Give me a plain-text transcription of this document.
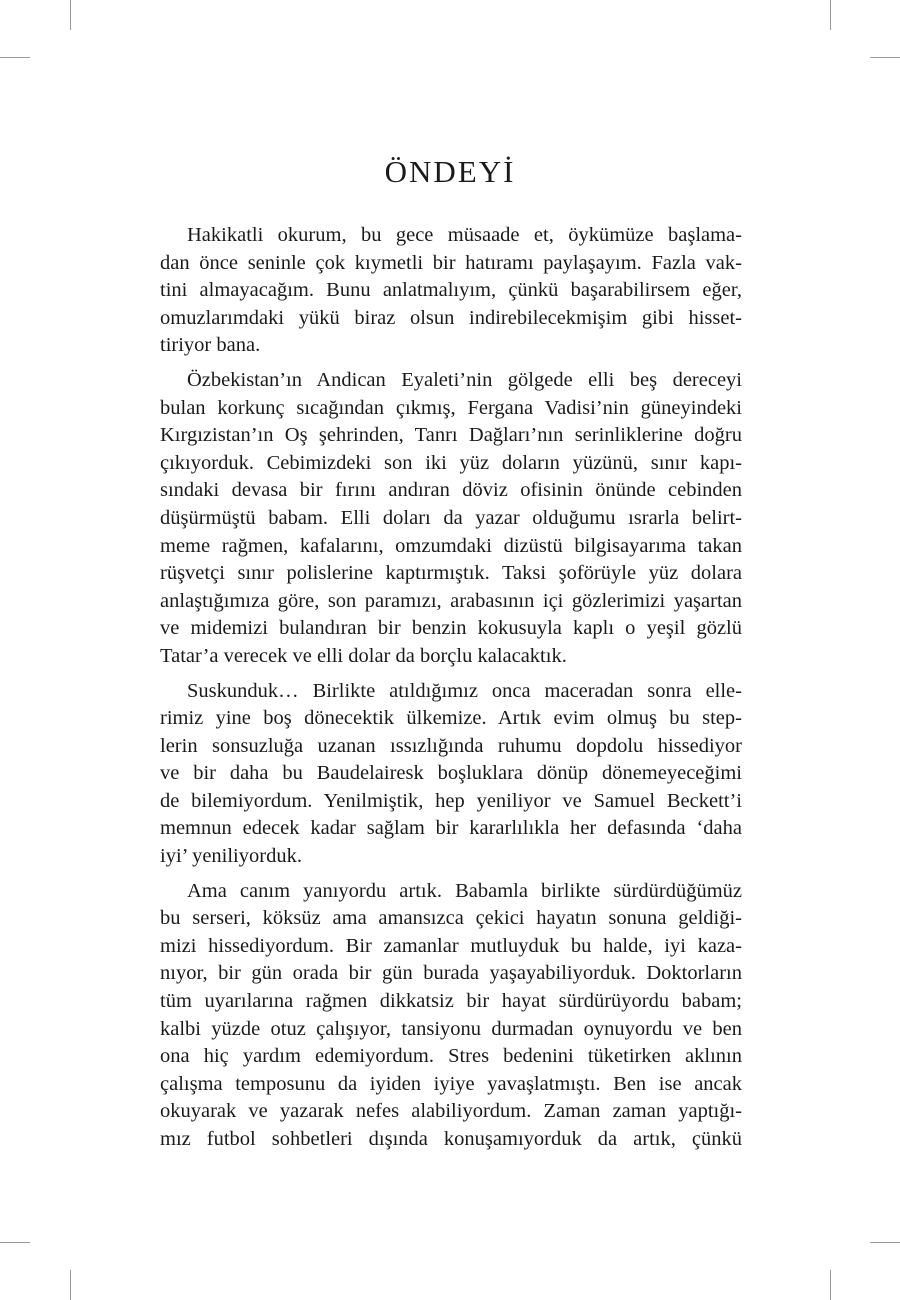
ÖNDEYİ
Hakikatli okurum, bu gece müsaade et, öykümüze başlama-
dan önce seninle çok kıymetli bir hatıramı paylaşayım. Fazla vak-
tini almayacağım. Bunu anlatmalıyım, çünkü başarabilirsem eğer,
omuzlarımdaki yükü biraz olsun indirebilecekmişim gibi hisset-
tiriyor bana.
Özbekistan’ın Andican Eyaleti’nin gölgede elli beş dereceyi
bulan korkunç sıcağından çıkmış, Fergana Vadisi’nin güneyindeki
Kırgızistan’ın Oş şehrinden, Tanrı Dağları’nın serinliklerine doğru
çıkıyorduk. Cebimizdeki son iki yüz doların yüzünü, sınır kapı-
sındaki devasa bir fırını andıran döviz ofisinin önünde cebinden
düşürmüştü babam. Elli doları da yazar olduğumu ısrarla belirt-
meme rağmen, kafalarını, omzumdaki dizüstü bilgisayarıma takan
rüşvetçi sınır polislerine kaptırmıştık. Taksi şoförüyle yüz dolara
anlaştığımıza göre, son paramızı, arabasının içi gözlerimizi yaşartan
ve midemizi bulandıran bir benzin kokusuyla kaplı o yeşil gözlü
Tatar’a verecek ve elli dolar da borçlu kalacaktık.
Suskunduk… Birlikte atıldığımız onca maceradan sonra elle-
rimiz yine boş dönecektik ülkemize. Artık evim olmuş bu step-
lerin sonsuzluğa uzanan ıssızlığında ruhumu dopdolu hissediyor
ve bir daha bu Baudelairesk boşluklara dönüp dönemeyeceğimi
de bilemiyordum. Yenilmiştik, hep yeniliyor ve Samuel Beckett’i
memnun edecek kadar sağlam bir kararlılıkla her defasında ‘daha
iyi’ yeniliyorduk.
Ama canım yanıyordu artık. Babamla birlikte sürdürdüğümüz
bu serseri, köksüz ama amansızca çekici hayatın sonuna geldiği-
mizi hissediyordum. Bir zamanlar mutluyduk bu halde, iyi kaza-
nıyor, bir gün orada bir gün burada yaşayabiliyorduk. Doktorların
tüm uyarılarına rağmen dikkatsiz bir hayat sürdürüyordu babam;
kalbi yüzde otuz çalışıyor, tansiyonu durmadan oynuyordu ve ben
ona hiç yardım edemiyordum. Stres bedenini tüketirken aklının
çalışma temposunu da iyiden iyiye yavaşlatmıştı. Ben ise ancak
okuyarak ve yazarak nefes alabiliyordum. Zaman zaman yaptığı-
mız futbol sohbetleri dışında konuşamıyorduk da artık, çünkü
